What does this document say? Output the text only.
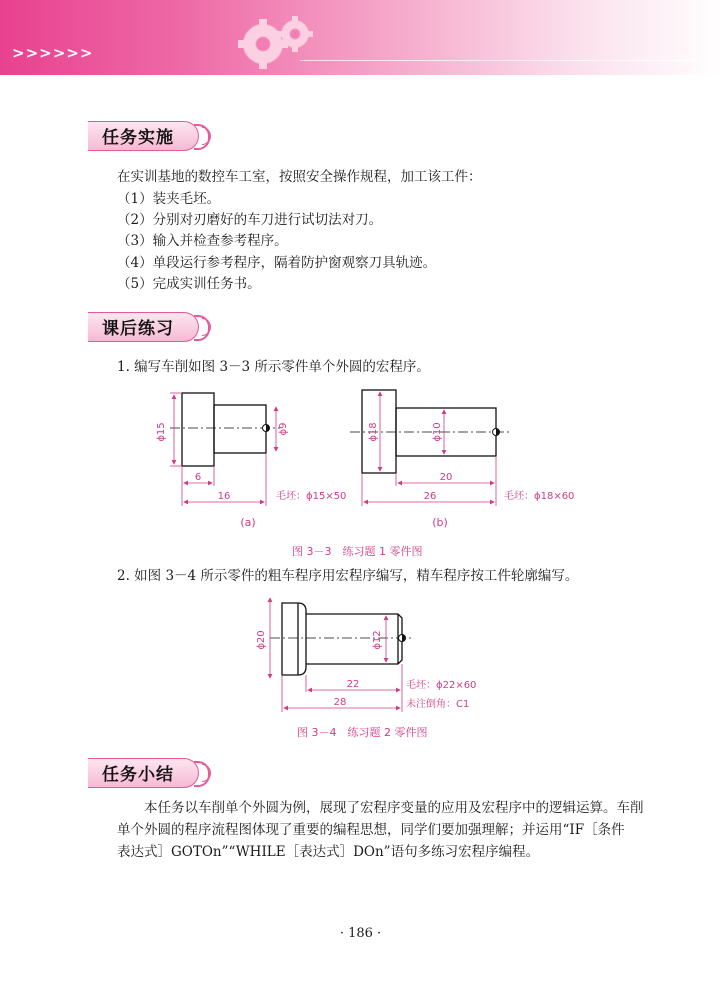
>>>>>>
任务实施
在实训基地的数控车工室，按照安全操作规程，加工该工件：
（1）装夹毛坯。
（2）分别对刃磨好的车刀进行试切法对刀。
（3）输入并检查参考程序。
（4）单段运行参考程序，隔着防护窗观察刀具轨迹。
（5）完成实训任务书。
课后练习
1. 编写车削如图 3－3 所示零件单个外圆的宏程序。
ϕ15	ϕ9
6
16	毛坯：ϕ15×50
(a)
ϕ18	ϕ10
20
26	毛坯：ϕ18×60
(b)
图 3－3　练习题 1 零件图
2. 如图 3－4 所示零件的粗车程序用宏程序编写，精车程序按工件轮廓编写。
ϕ20	ϕ12
22
28
毛坯：ϕ22×60
未注倒角：C1
图 3－4　练习题 2 零件图
任务小结
　　本任务以车削单个外圆为例，展现了宏程序变量的应用及宏程序中的逻辑运算。车削
单个外圆的程序流程图体现了重要的编程思想，同学们要加强理解；并运用“IF［条件
表达式］GOTOn”“WHILE［表达式］DOn”语句多练习宏程序编程。
· 186 ·
